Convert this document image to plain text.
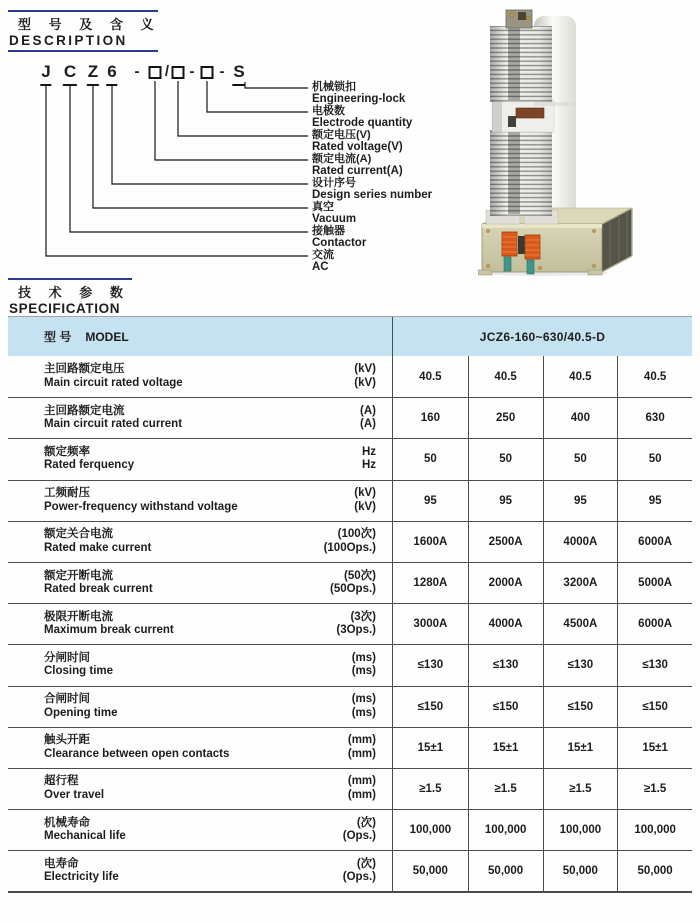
型 号 及 含 义
DESCRIPTION
J C Z 6 - / - - S
机械锁扣
Engineering-lock
电极数
Electrode quantity
额定电压(V)
Rated voltage(V)
额定电流(A)
Rated current(A)
设计序号
Design series number
真空
Vacuum
接触器
Contactor
交流
AC
技 术 参 数
SPECIFICATION
型 号 MODEL	JCZ6-160~630/40.5-D
主回路额定电压
Main circuit rated voltage
(kV)
(kV)	40.5	40.5	40.5	40.5
主回路额定电流
Main circuit rated current
(A)
(A)	160	250	400	630
额定频率
Rated ferquency
Hz
Hz	50	50	50	50
工频耐压
Power-frequency withstand voltage
(kV)
(kV)	95	95	95	95
额定关合电流
Rated make current
(100次)
(100Ops.)	1600A	2500A	4000A	6000A
额定开断电流
Rated break current
(50次)
(50Ops.)	1280A	2000A	3200A	5000A
极限开断电流
Maximum break current
(3次)
(3Ops.)	3000A	4000A	4500A	6000A
分闸时间
Closing time
(ms)
(ms)	≤130	≤130	≤130	≤130
合闸时间
Opening time
(ms)
(ms)	≤150	≤150	≤150	≤150
触头开距
Clearance between open contacts
(mm)
(mm)	15±1	15±1	15±1	15±1
超行程
Over travel
(mm)
(mm)	≥1.5	≥1.5	≥1.5	≥1.5
机械寿命
Mechanical life
(次)
(Ops.)	100,000	100,000	100,000	100,000
电寿命
Electricity life
(次)
(Ops.)	50,000	50,000	50,000	50,000
